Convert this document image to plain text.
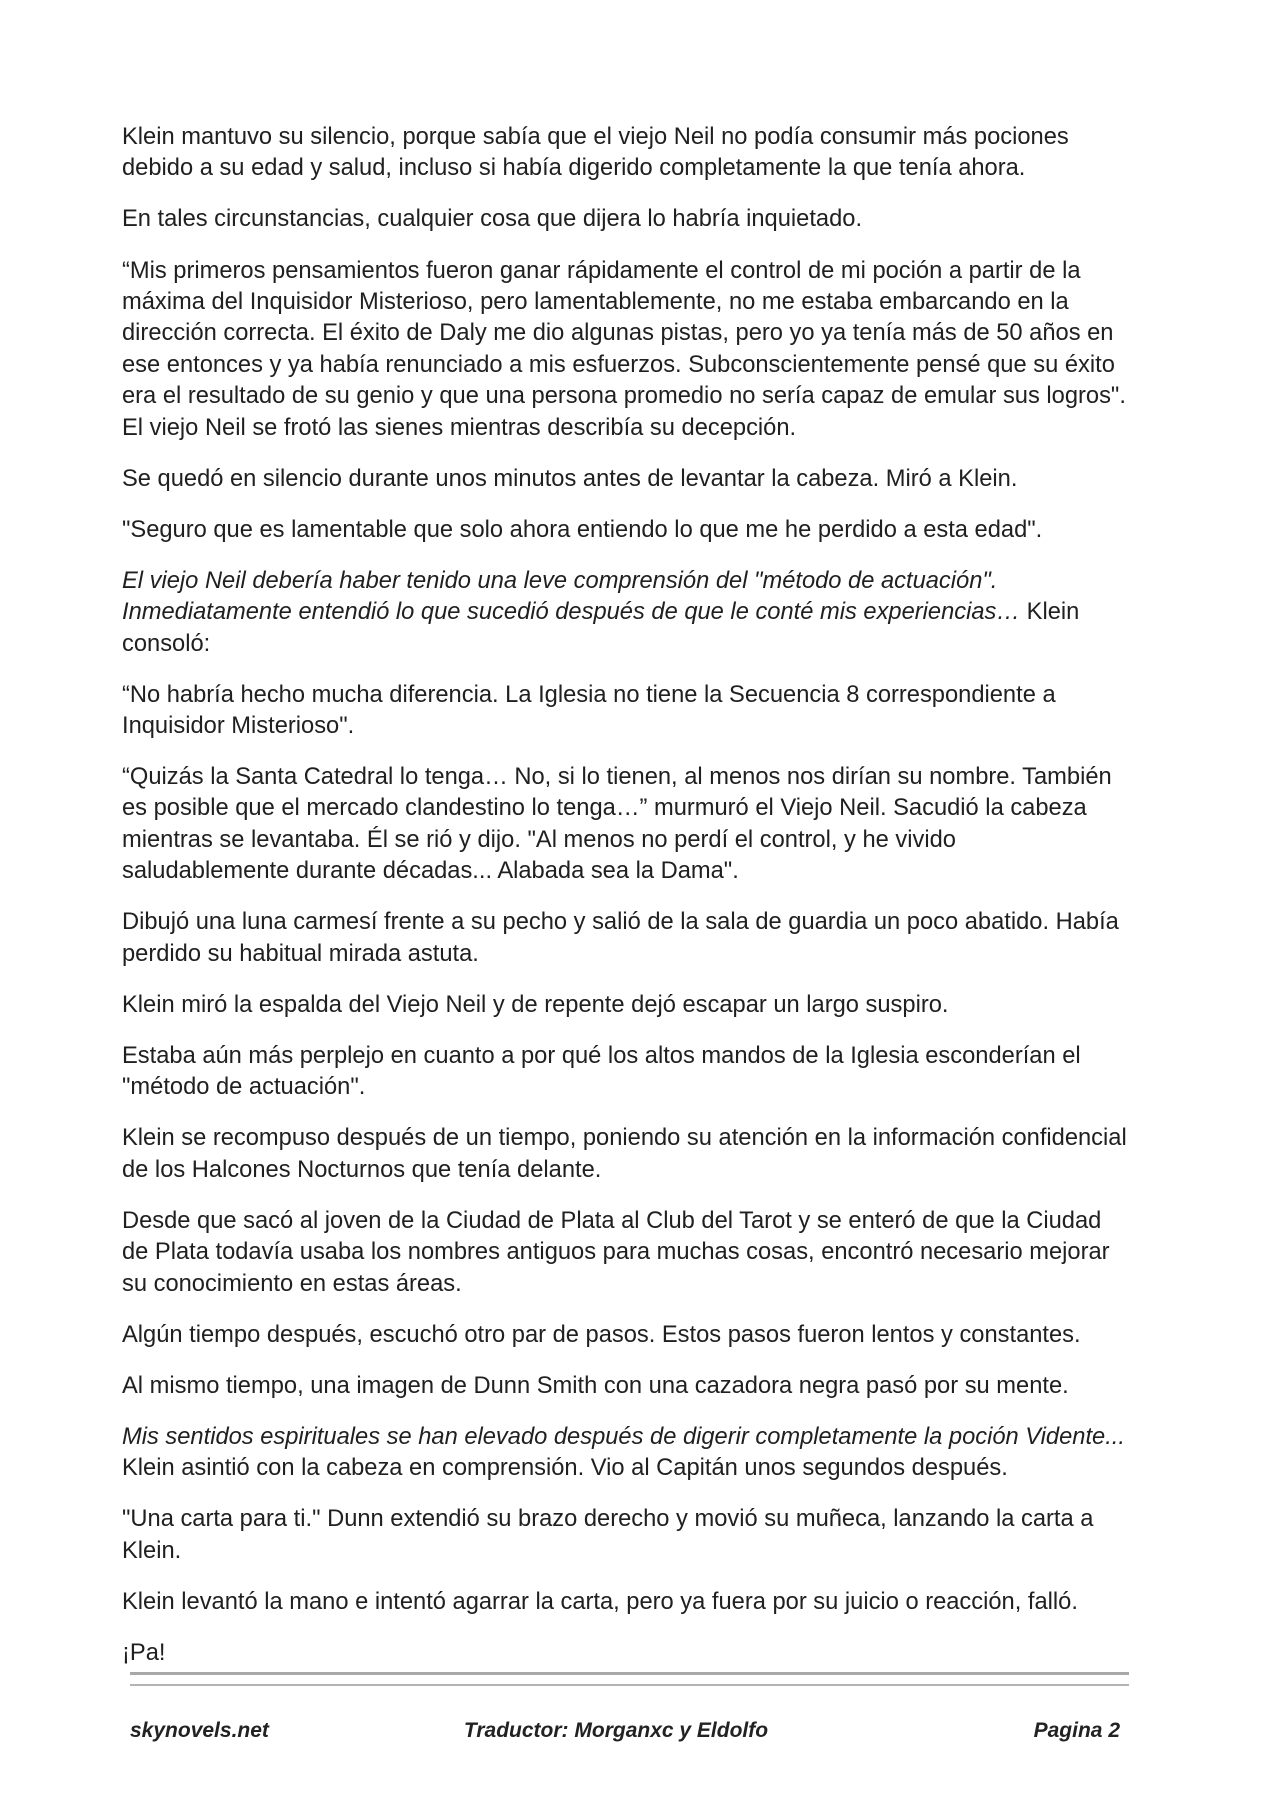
Klein mantuvo su silencio, porque sabía que el viejo Neil no podía consumir más pociones
debido a su edad y salud, incluso si había digerido completamente la que tenía ahora.
En tales circunstancias, cualquier cosa que dijera lo habría inquietado.
“Mis primeros pensamientos fueron ganar rápidamente el control de mi poción a partir de la
máxima del Inquisidor Misterioso, pero lamentablemente, no me estaba embarcando en la
dirección correcta. El éxito de Daly me dio algunas pistas, pero yo ya tenía más de 50 años en
ese entonces y ya había renunciado a mis esfuerzos. Subconscientemente pensé que su éxito
era el resultado de su genio y que una persona promedio no sería capaz de emular sus logros".
El viejo Neil se frotó las sienes mientras describía su decepción.
Se quedó en silencio durante unos minutos antes de levantar la cabeza. Miró a Klein.
"Seguro que es lamentable que solo ahora entiendo lo que me he perdido a esta edad".
El viejo Neil debería haber tenido una leve comprensión del "método de actuación".
Inmediatamente entendió lo que sucedió después de que le conté mis experiencias… Klein
consoló:
“No habría hecho mucha diferencia. La Iglesia no tiene la Secuencia 8 correspondiente a
Inquisidor Misterioso".
“Quizás la Santa Catedral lo tenga… No, si lo tienen, al menos nos dirían su nombre. También
es posible que el mercado clandestino lo tenga…” murmuró el Viejo Neil. Sacudió la cabeza
mientras se levantaba. Él se rió y dijo. "Al menos no perdí el control, y he vivido
saludablemente durante décadas... Alabada sea la Dama".
Dibujó una luna carmesí frente a su pecho y salió de la sala de guardia un poco abatido. Había
perdido su habitual mirada astuta.
Klein miró la espalda del Viejo Neil y de repente dejó escapar un largo suspiro.
Estaba aún más perplejo en cuanto a por qué los altos mandos de la Iglesia esconderían el
"método de actuación".
Klein se recompuso después de un tiempo, poniendo su atención en la información confidencial
de los Halcones Nocturnos que tenía delante.
Desde que sacó al joven de la Ciudad de Plata al Club del Tarot y se enteró de que la Ciudad
de Plata todavía usaba los nombres antiguos para muchas cosas, encontró necesario mejorar
su conocimiento en estas áreas.
Algún tiempo después, escuchó otro par de pasos. Estos pasos fueron lentos y constantes.
Al mismo tiempo, una imagen de Dunn Smith con una cazadora negra pasó por su mente.
Mis sentidos espirituales se han elevado después de digerir completamente la poción Vidente...
Klein asintió con la cabeza en comprensión. Vio al Capitán unos segundos después.
"Una carta para ti." Dunn extendió su brazo derecho y movió su muñeca, lanzando la carta a
Klein.
Klein levantó la mano e intentó agarrar la carta, pero ya fuera por su juicio o reacción, falló.
¡Pa!
skynovels.net	Traductor: Morganxc y Eldolfo	Pagina 2
